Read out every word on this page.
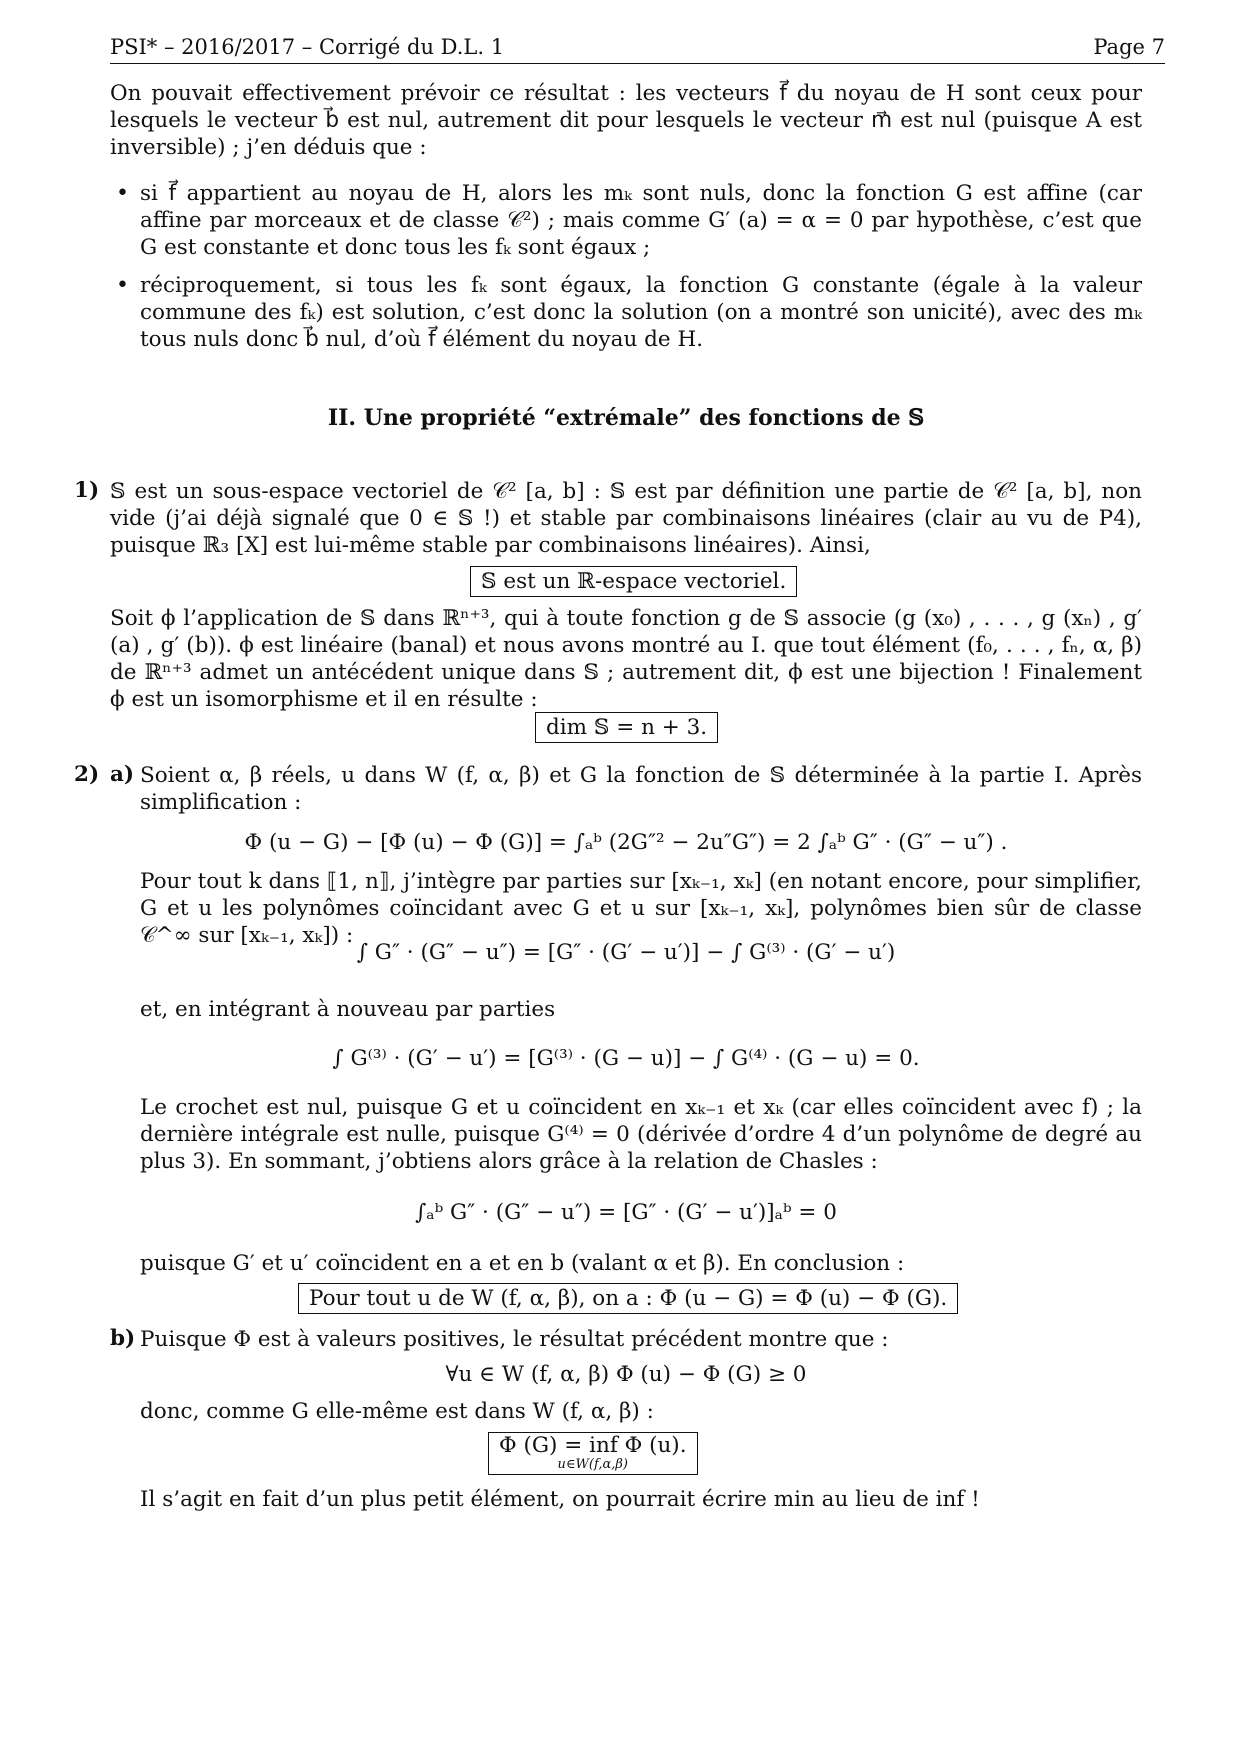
PSI* – 2016/2017 – Corrigé du D.L. 1	Page 7
On pouvait effectivement prévoir ce résultat : les vecteurs f⃗ du noyau de H sont ceux pour lesquels le vecteur b⃗ est nul, autrement dit pour lesquels le vecteur m⃗ est nul (puisque A est inversible) ; j’en déduis que :
• si f⃗ appartient au noyau de H, alors les mₖ sont nuls, donc la fonction G est affine (car affine par morceaux et de classe 𝒞²) ; mais comme G′ (a) = α = 0 par hypothèse, c’est que G est constante et donc tous les fₖ sont égaux ;
• réciproquement, si tous les fₖ sont égaux, la fonction G constante (égale à la valeur commune des fₖ) est solution, c’est donc la solution (on a montré son unicité), avec des mₖ tous nuls donc b⃗ nul, d’où f⃗ élément du noyau de H.
II. Une propriété “extrémale” des fonctions de 𝕊
1) 𝕊 est un sous-espace vectoriel de 𝒞² [a, b] : 𝕊 est par définition une partie de 𝒞² [a, b], non vide (j’ai déjà signalé que 0 ∈ 𝕊 !) et stable par combinaisons linéaires (clair au vu de P4), puisque ℝ₃ [X] est lui-même stable par combinaisons linéaires). Ainsi,
𝕊 est un ℝ-espace vectoriel.
Soit ϕ l’application de 𝕊 dans ℝⁿ⁺³, qui à toute fonction g de 𝕊 associe (g (x₀) , . . . , g (xₙ) , g′ (a) , g′ (b)). ϕ est linéaire (banal) et nous avons montré au I. que tout élément (f₀, . . . , fₙ, α, β) de ℝⁿ⁺³ admet un antécédent unique dans 𝕊 ; autrement dit, ϕ est une bijection ! Finalement ϕ est un isomorphisme et il en résulte :
dim 𝕊 = n + 3.
2) a) Soient α, β réels, u dans W (f, α, β) et G la fonction de 𝕊 déterminée à la partie I. Après simplification :
Φ (u − G) − [Φ (u) − Φ (G)] = ∫ₐᵇ (2G″² − 2u″G″) = 2 ∫ₐᵇ G″ · (G″ − u″) .
Pour tout k dans ⟦1, n⟧, j’intègre par parties sur [xₖ₋₁, xₖ] (en notant encore, pour simplifier, G et u les polynômes coïncidant avec G et u sur [xₖ₋₁, xₖ], polynômes bien sûr de classe 𝒞^∞ sur [xₖ₋₁, xₖ]) :
∫ G″ · (G″ − u″) = [G″ · (G′ − u′)] − ∫ G⁽³⁾ · (G′ − u′)
et, en intégrant à nouveau par parties
∫ G⁽³⁾ · (G′ − u′) = [G⁽³⁾ · (G − u)] − ∫ G⁽⁴⁾ · (G − u) = 0.
Le crochet est nul, puisque G et u coïncident en xₖ₋₁ et xₖ (car elles coïncident avec f) ; la dernière intégrale est nulle, puisque G⁽⁴⁾ = 0 (dérivée d’ordre 4 d’un polynôme de degré au plus 3). En sommant, j’obtiens alors grâce à la relation de Chasles :
∫ₐᵇ G″ · (G″ − u″) = [G″ · (G′ − u′)]ₐᵇ = 0
puisque G′ et u′ coïncident en a et en b (valant α et β). En conclusion :
Pour tout u de W (f, α, β), on a : Φ (u − G) = Φ (u) − Φ (G).
b) Puisque Φ est à valeurs positives, le résultat précédent montre que :
∀u ∈ W (f, α, β) Φ (u) − Φ (G) ≥ 0
donc, comme G elle-même est dans W (f, α, β) :
Φ (G) = inf Φ (u).
u∈W(f,α,β)
Il s’agit en fait d’un plus petit élément, on pourrait écrire min au lieu de inf !
